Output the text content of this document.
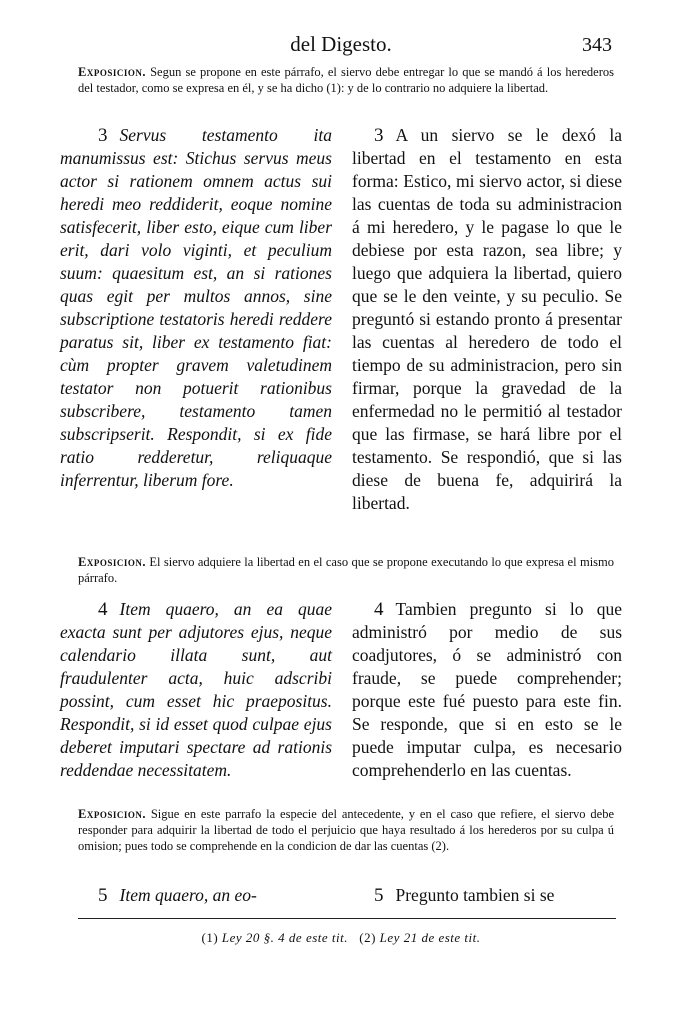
del Digesto.	343
Exposicion. Segun se propone en este párrafo, el siervo debe entregar lo que se mandó á los herederos del testador, como se expresa en él, y se ha dicho (1): y de lo contrario no adquiere la libertad.
3 Servus testamento ita manumissus est: Stichus servus meus actor si rationem omnem actus sui heredi meo reddiderit, eoque nomine satisfecerit, liber esto, eique cum liber erit, dari volo viginti, et peculium suum: quaesitum est, an si rationes quas egit per multos annos, sine subscriptione testatoris heredi reddere paratus sit, liber ex testamento fiat: cùm propter gravem valetudinem testator non potuerit rationibus subscribere, testamento tamen subscripserit. Respondit, si ex fide ratio redderetur, reliquaque inferrentur, liberum fore.
3 A un siervo se le dexó la libertad en el testamento en esta forma: Estico, mi siervo actor, si diese las cuentas de toda su administracion á mi heredero, y le pagase lo que le debiese por esta razon, sea libre; y luego que adquiera la libertad, quiero que se le den veinte, y su peculio. Se preguntó si estando pronto á presentar las cuentas al heredero de todo el tiempo de su administracion, pero sin firmar, porque la gravedad de la enfermedad no le permitió al testador que las firmase, se hará libre por el testamento. Se respondió, que si las diese de buena fe, adquirirá la libertad.
Exposicion. El siervo adquiere la libertad en el caso que se propone executando lo que expresa el mismo párrafo.
4 Item quaero, an ea quae exacta sunt per adjutores ejus, neque calendario illata sunt, aut fraudulenter acta, huic adscribi possint, cum esset hic praepositus. Respondit, si id esset quod culpae ejus deberet imputari spectare ad rationis reddendae necessitatem.
4 Tambien pregunto si lo que administró por medio de sus coadjutores, ó se administró con fraude, se puede comprehender; porque este fué puesto para este fin. Se responde, que si en esto se le puede imputar culpa, es necesario comprehenderlo en las cuentas.
Exposicion. Sigue en este parrafo la especie del antecedente, y en el caso que refiere, el siervo debe responder para adquirir la libertad de todo el perjuicio que haya resultado á los herederos por su culpa ú omision; pues todo se comprehende en la condicion de dar las cuentas (2).
5 Item quaero, an eo-	5 Pregunto tambien si se
(1) Ley 20 §. 4 de este tit. (2) Ley 21 de este tit.
